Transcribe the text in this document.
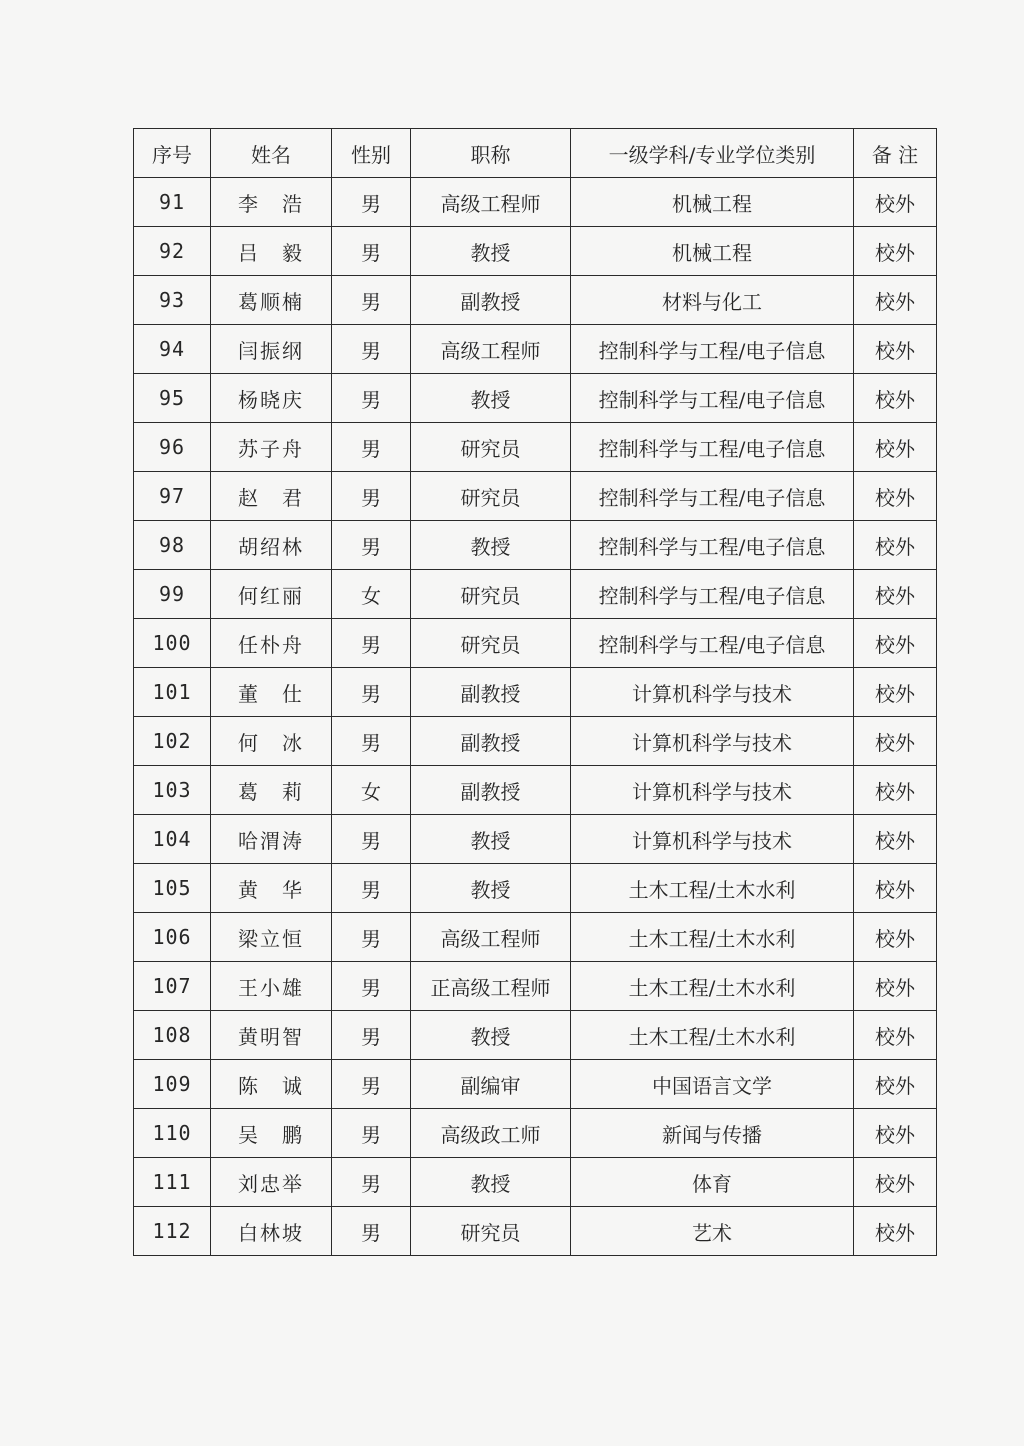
序号	姓名	性别	职称	一级学科/专业学位类别	备 注
91	李　浩	男	高级工程师	机械工程	校外
92	吕　毅	男	教授	机械工程	校外
93	葛顺楠	男	副教授	材料与化工	校外
94	闫振纲	男	高级工程师	控制科学与工程/电子信息	校外
95	杨晓庆	男	教授	控制科学与工程/电子信息	校外
96	苏子舟	男	研究员	控制科学与工程/电子信息	校外
97	赵　君	男	研究员	控制科学与工程/电子信息	校外
98	胡绍林	男	教授	控制科学与工程/电子信息	校外
99	何红丽	女	研究员	控制科学与工程/电子信息	校外
100	任朴舟	男	研究员	控制科学与工程/电子信息	校外
101	董　仕	男	副教授	计算机科学与技术	校外
102	何　冰	男	副教授	计算机科学与技术	校外
103	葛　莉	女	副教授	计算机科学与技术	校外
104	哈渭涛	男	教授	计算机科学与技术	校外
105	黄　华	男	教授	土木工程/土木水利	校外
106	梁立恒	男	高级工程师	土木工程/土木水利	校外
107	王小雄	男	正高级工程师	土木工程/土木水利	校外
108	黄明智	男	教授	土木工程/土木水利	校外
109	陈　诚	男	副编审	中国语言文学	校外
110	吴　鹏	男	高级政工师	新闻与传播	校外
111	刘忠举	男	教授	体育	校外
112	白林坡	男	研究员	艺术	校外
